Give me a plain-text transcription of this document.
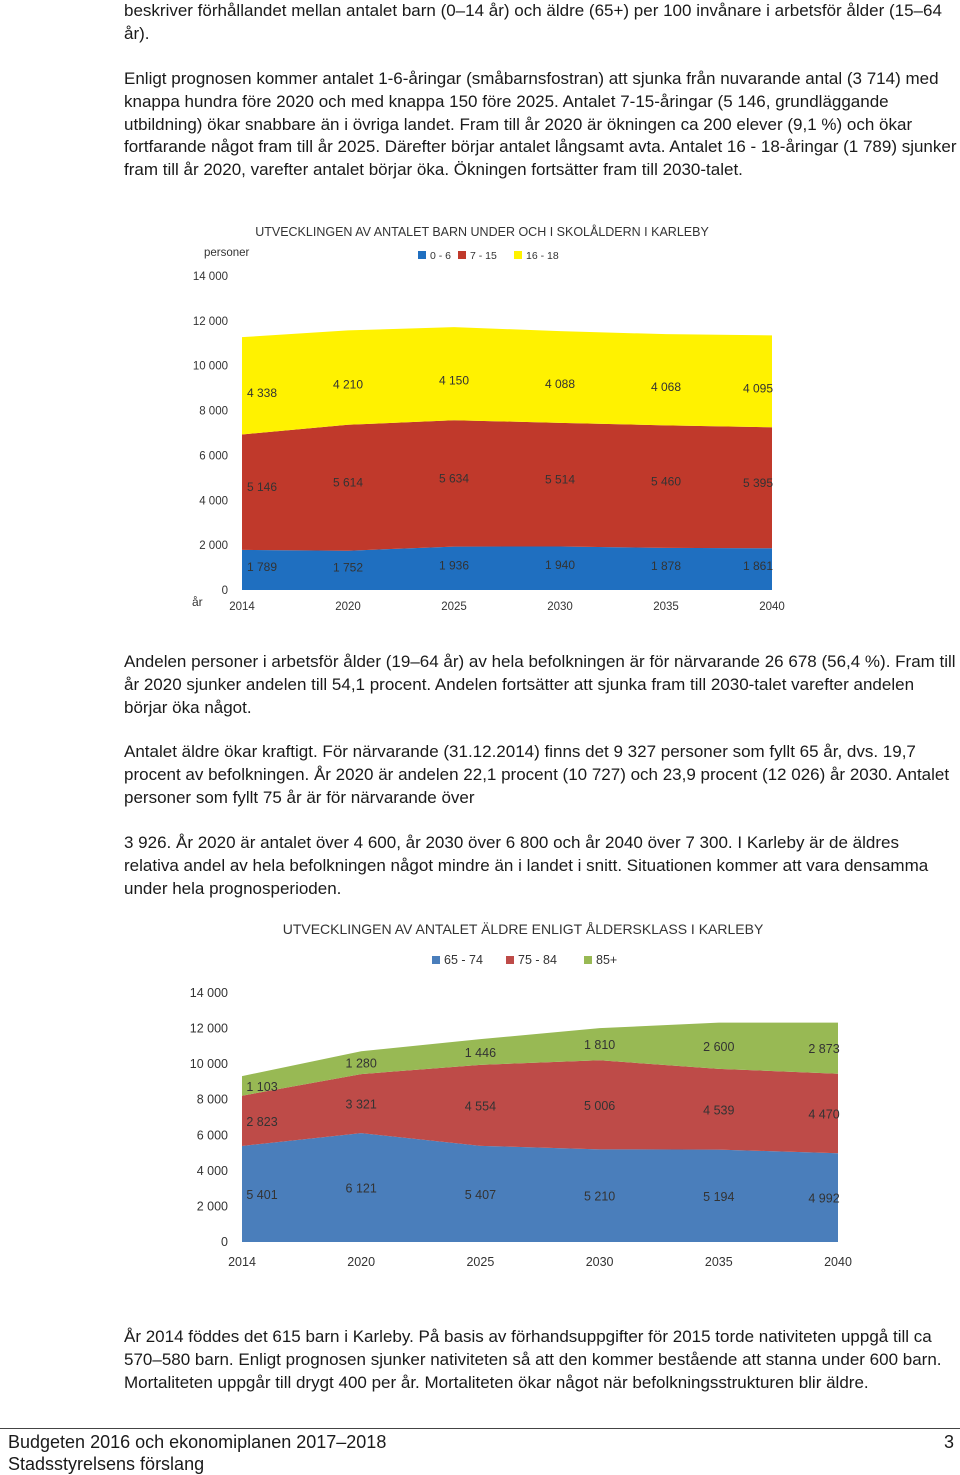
beskriver förhållandet mellan antalet barn (0–14 år) och äldre (65+) per 100 invånare i arbetsför ålder (15–64 år).

Enligt prognosen kommer antalet 1-6-åringar (småbarnsfostran) att sjunka från nuvarande antal (3 714) med knappa hundra före 2020 och med knappa 150 före 2025. Antalet 7-15-åringar (5 146, grundläggande utbildning) ökar snabbare än i övriga landet. Fram till år 2020 är ökningen ca 200 elever (9,1 %) och ökar fortfarande något fram till år 2025. Därefter börjar antalet långsamt avta. Antalet 16 - 18-åringar (1 789) sjunker fram till år 2020, varefter antalet börjar öka. Ökningen fortsätter fram till 2030-talet.

UTVECKLINGEN AV ANTALET BARN UNDER OCH I SKOLÅLDERN I KARLEBY
personer	0 - 6 7 - 15	16 - 18
0
2 000
4 000
6 000
8 000
10 000
12 000
14 000
1 789	1 752	1 936	1 940	1 878	1 861
5 146	5 614	5 634	5 514	5 460	5 395
4 338
4 210	4 150	4 088	4 068	4 095
2014	2020	2025	2030	2035	2040
år

Andelen personer i arbetsför ålder (19–64 år) av hela befolkningen är för närvarande 26 678 (56,4 %). Fram till år 2020 sjunker andelen till 54,1 procent. Andelen fortsätter att sjunka fram till 2030-talet varefter andelen börjar öka något.

Antalet äldre ökar kraftigt. För närvarande (31.12.2014) finns det 9 327 personer som fyllt 65 år, dvs. 19,7 procent av befolkningen. År 2020 är andelen 22,1 procent (10 727) och 23,9 procent (12 026) år 2030. Antalet personer som fyllt 75 år är för närvarande över

3 926. År 2020 är antalet över 4 600, år 2030 över 6 800 och år 2040 över 7 300. I Karleby är de äldres relativa andel av hela befolkningen något mindre än i landet i snitt. Situationen kommer att vara densamma under hela prognosperioden.

UTVECKLINGEN AV ANTALET ÄLDRE ENLIGT ÅLDERSKLASS I KARLEBY
65 - 74	75 - 84	85+
0
2 000
4 000
6 000
8 000
10 000
12 000
14 000
5 401	6 121	5 407	5 210	5 194	4 992
2 823
3 321	4 554	5 006	4 539	4 470
1 103
1 280
1 446
1 810	2 600	2 873
2014	2020	2025	2030	2035	2040

År 2014 föddes det 615 barn i Karleby. På basis av förhandsuppgifter för 2015 torde nativiteten uppgå till ca 570–580 barn. Enligt prognosen sjunker nativiteten så att den kommer bestående att stanna under 600 barn. Mortaliteten uppgår till drygt 400 per år. Mortaliteten ökar något när befolkningsstrukturen blir äldre.

Budgeten 2016 och ekonomiplanen 2017–2018

Stadsstyrelsens förslang

3
